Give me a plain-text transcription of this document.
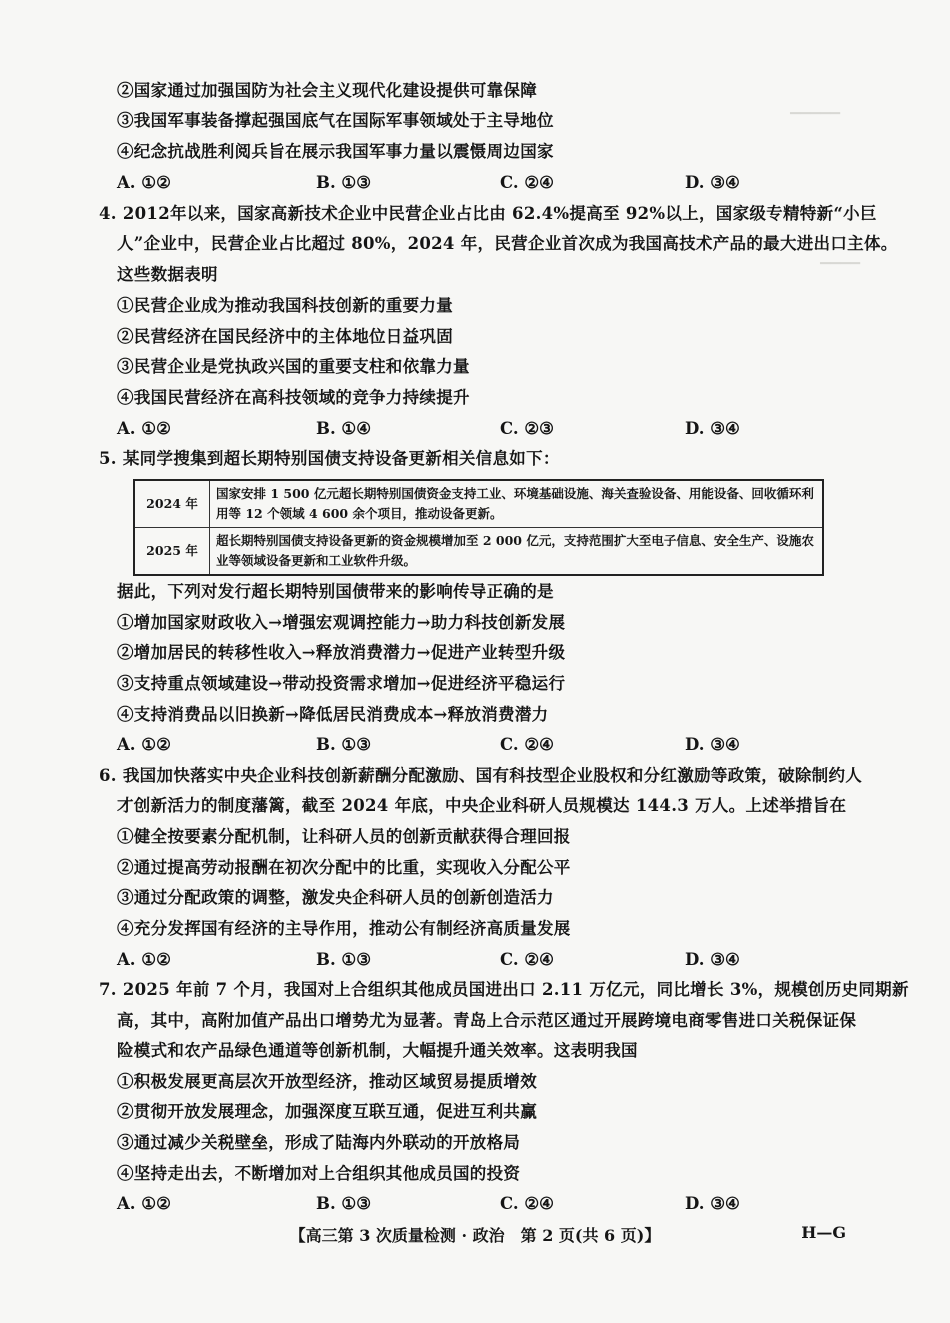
▁▁▁▁▁
▁▁▁▁
②国家通过加强国防为社会主义现代化建设提供可靠保障
③我国军事装备撑起强国底气在国际军事领域处于主导地位
④纪念抗战胜利阅兵旨在展示我国军事力量以震慑周边国家
A. ①②	B. ①③	C. ②④	D. ③④
4. 2012年以来，国家高新技术企业中民营企业占比由 62.4%提高至 92%以上，国家级专精特新“小巨
人”企业中，民营企业占比超过 80%，2024 年，民营企业首次成为我国高技术产品的最大进出口主体。
这些数据表明
①民营企业成为推动我国科技创新的重要力量
②民营经济在国民经济中的主体地位日益巩固
③民营企业是党执政兴国的重要支柱和依靠力量
④我国民营经济在高科技领域的竞争力持续提升
A. ①②	B. ①④	C. ②③	D. ③④
5. 某同学搜集到超长期特别国债支持设备更新相关信息如下：
2024 年	国家安排 1 500 亿元超长期特别国债资金支持工业、环境基础设施、海关查验设备、用能设备、回收循环利用等 12 个领域 4 600 余个项目，推动设备更新。
2025 年	超长期特别国债支持设备更新的资金规模增加至 2 000 亿元，支持范围扩大至电子信息、安全生产、设施农业等领域设备更新和工业软件升级。
据此，下列对发行超长期特别国债带来的影响传导正确的是
①增加国家财政收入→增强宏观调控能力→助力科技创新发展
②增加居民的转移性收入→释放消费潜力→促进产业转型升级
③支持重点领域建设→带动投资需求增加→促进经济平稳运行
④支持消费品以旧换新→降低居民消费成本→释放消费潜力
A. ①②	B. ①③	C. ②④	D. ③④
6. 我国加快落实中央企业科技创新薪酬分配激励、国有科技型企业股权和分红激励等政策，破除制约人
才创新活力的制度藩篱，截至 2024 年底，中央企业科研人员规模达 144.3 万人。上述举措旨在
①健全按要素分配机制，让科研人员的创新贡献获得合理回报
②通过提高劳动报酬在初次分配中的比重，实现收入分配公平
③通过分配政策的调整，激发央企科研人员的创新创造活力
④充分发挥国有经济的主导作用，推动公有制经济高质量发展
A. ①②	B. ①③	C. ②④	D. ③④
7. 2025 年前 7 个月，我国对上合组织其他成员国进出口 2.11 万亿元，同比增长 3%，规模创历史同期新
高，其中，高附加值产品出口增势尤为显著。青岛上合示范区通过开展跨境电商零售进口关税保证保
险模式和农产品绿色通道等创新机制，大幅提升通关效率。这表明我国
①积极发展更高层次开放型经济，推动区域贸易提质增效
②贯彻开放发展理念，加强深度互联互通，促进互利共赢
③通过减少关税壁垒，形成了陆海内外联动的开放格局
④坚持走出去，不断增加对上合组织其他成员国的投资
A. ①②	B. ①③	C. ②④	D. ③④
【高三第 3 次质量检测 · 政治　第 2 页(共 6 页)】	H—G
